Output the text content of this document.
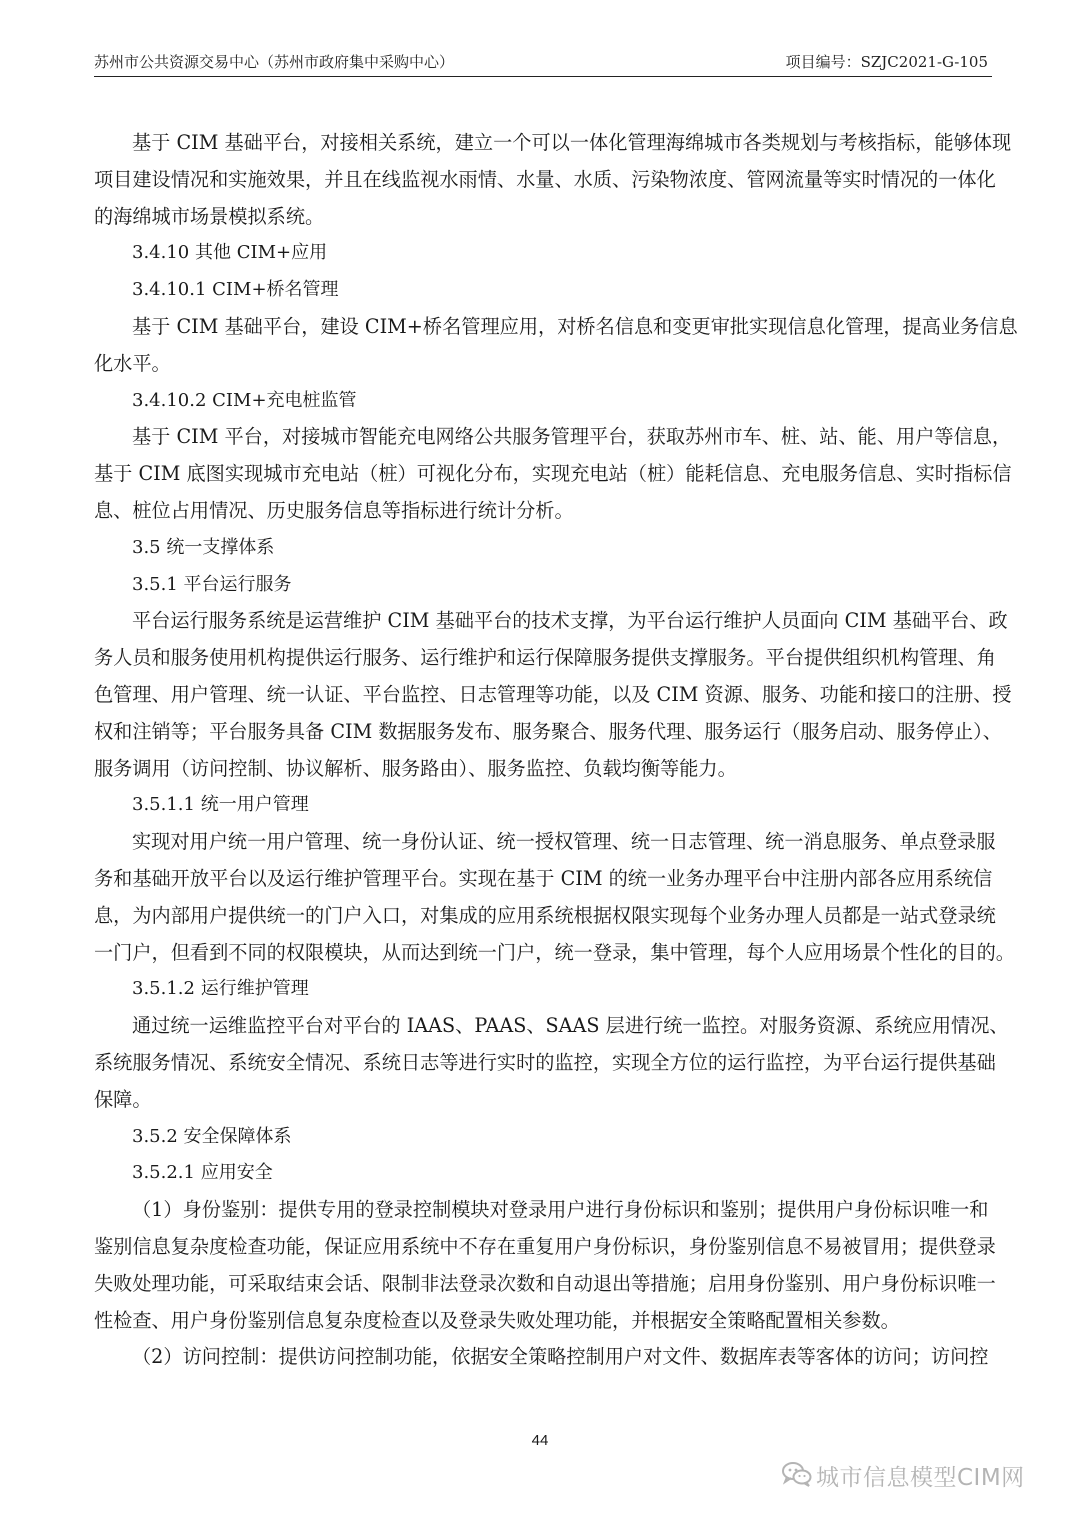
苏州市公共资源交易中心（苏州市政府集中采购中心）	项目编号：SZJC2021-G-105

基于 CIM 基础平台，对接相关系统，建立一个可以一体化管理海绵城市各类规划与考核指标，能够体现

项目建设情况和实施效果，并且在线监视水雨情、水量、水质、污染物浓度、管网流量等实时情况的一体化

的海绵城市场景模拟系统。

3.4.10 其他 CIM+应用

3.4.10.1 CIM+桥名管理

基于 CIM 基础平台，建设 CIM+桥名管理应用，对桥名信息和变更审批实现信息化管理，提高业务信息

化水平。

3.4.10.2 CIM+充电桩监管

基于 CIM 平台，对接城市智能充电网络公共服务管理平台，获取苏州市车、桩、站、能、用户等信息，

基于 CIM 底图实现城市充电站（桩）可视化分布，实现充电站（桩）能耗信息、充电服务信息、实时指标信

息、桩位占用情况、历史服务信息等指标进行统计分析。

3.5 统一支撑体系

3.5.1 平台运行服务

平台运行服务系统是运营维护 CIM 基础平台的技术支撑，为平台运行维护人员面向 CIM 基础平台、政

务人员和服务使用机构提供运行服务、运行维护和运行保障服务提供支撑服务。平台提供组织机构管理、角

色管理、用户管理、统一认证、平台监控、日志管理等功能，以及 CIM 资源、服务、功能和接口的注册、授

权和注销等；平台服务具备 CIM 数据服务发布、服务聚合、服务代理、服务运行（服务启动、服务停止）、

服务调用（访问控制、协议解析、服务路由）、服务监控、负载均衡等能力。

3.5.1.1 统一用户管理

实现对用户统一用户管理、统一身份认证、统一授权管理、统一日志管理、统一消息服务、单点登录服

务和基础开放平台以及运行维护管理平台。实现在基于 CIM 的统一业务办理平台中注册内部各应用系统信

息，为内部用户提供统一的门户入口，对集成的应用系统根据权限实现每个业务办理人员都是一站式登录统

一门户，但看到不同的权限模块，从而达到统一门户，统一登录，集中管理，每个人应用场景个性化的目的。

3.5.1.2 运行维护管理

通过统一运维监控平台对平台的 IAAS、PAAS、SAAS 层进行统一监控。对服务资源、系统应用情况、

系统服务情况、系统安全情况、系统日志等进行实时的监控，实现全方位的运行监控，为平台运行提供基础

保障。

3.5.2 安全保障体系

3.5.2.1 应用安全

（1）身份鉴别：提供专用的登录控制模块对登录用户进行身份标识和鉴别；提供用户身份标识唯一和

鉴别信息复杂度检查功能，保证应用系统中不存在重复用户身份标识，身份鉴别信息不易被冒用；提供登录

失败处理功能，可采取结束会话、限制非法登录次数和自动退出等措施；启用身份鉴别、用户身份标识唯一

性检查、用户身份鉴别信息复杂度检查以及登录失败处理功能，并根据安全策略配置相关参数。

（2）访问控制：提供访问控制功能，依据安全策略控制用户对文件、数据库表等客体的访问；访问控

44
城市信息模型CIM网
